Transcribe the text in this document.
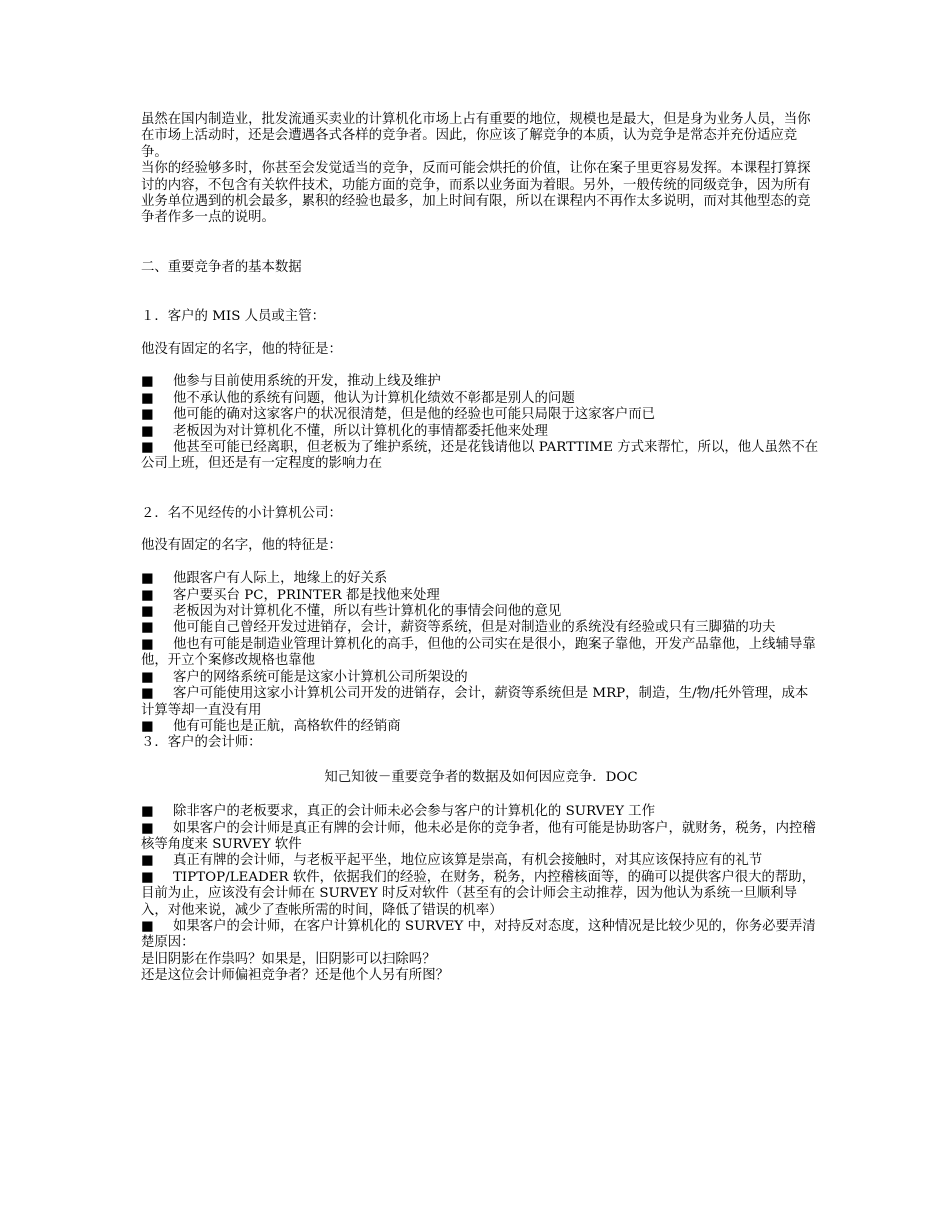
虽然在国内制造业，批发流通买卖业的计算机化市场上占有重要的地位，规模也是最大，但是身为业务人员，当你在市场上活动时，还是会遭遇各式各样的竞争者。因此，你应该了解竞争的本质，认为竞争是常态并充份适应竞争。

当你的经验够多时，你甚至会发觉适当的竞争，反而可能会烘托的价值，让你在案子里更容易发挥。本课程打算探讨的内容，不包含有关软件技术，功能方面的竞争，而系以业务面为着眼。另外，一般传统的同级竞争，因为所有业务单位遇到的机会最多，累积的经验也最多，加上时间有限，所以在课程内不再作太多说明，而对其他型态的竞争者作多一点的说明。

二、重要竞争者的基本数据

１．客户的 MIS 人员或主管：

他没有固定的名字，他的特征是：

■ 他参与目前使用系统的开发，推动上线及维护

■ 他不承认他的系统有问题，他认为计算机化绩效不彰都是别人的问题

■ 他可能的确对这家客户的状况很清楚，但是他的经验也可能只局限于这家客户而已

■ 老板因为对计算机化不懂，所以计算机化的事情都委托他来处理

■ 他甚至可能已经离职，但老板为了维护系统，还是花钱请他以 PARTTIME 方式来帮忙，所以，他人虽然不在公司上班，但还是有一定程度的影响力在

２．名不见经传的小计算机公司：

他没有固定的名字，他的特征是：

■ 他跟客户有人际上，地缘上的好关系

■ 客户要买台 PC，PRINTER 都是找他来处理

■ 老板因为对计算机化不懂，所以有些计算机化的事情会问他的意见

■ 他可能自己曾经开发过进销存，会计，薪资等系统，但是对制造业的系统没有经验或只有三脚猫的功夫

■ 他也有可能是制造业管理计算机化的高手，但他的公司实在是很小，跑案子靠他，开发产品靠他，上线辅导靠他，开立个案修改规格也靠他

■ 客户的网络系统可能是这家小计算机公司所架设的

■ 客户可能使用这家小计算机公司开发的进销存，会计，薪资等系统但是 MRP，制造，生/物/托外管理，成本计算等却一直没有用

■ 他有可能也是正航，高格软件的经销商

３．客户的会计师：

知己知彼－重要竞争者的数据及如何因应竞争．DOC

■ 除非客户的老板要求，真正的会计师未必会参与客户的计算机化的 SURVEY 工作

■ 如果客户的会计师是真正有牌的会计师，他未必是你的竞争者，他有可能是协助客户，就财务，税务，内控稽核等角度来 SURVEY 软件

■ 真正有牌的会计师，与老板平起平坐，地位应该算是崇高，有机会接触时，对其应该保持应有的礼节

■ TIPTOP/LEADER 软件，依据我们的经验，在财务，税务，内控稽核面等，的确可以提供客户很大的帮助，目前为止，应该没有会计师在 SURVEY 时反对软件（甚至有的会计师会主动推荐，因为他认为系统一旦顺利导入，对他来说，减少了查帐所需的时间，降低了错误的机率）

■ 如果客户的会计师，在客户计算机化的 SURVEY 中，对持反对态度，这种情况是比较少见的，你务必要弄清楚原因：

是旧阴影在作祟吗？如果是，旧阴影可以扫除吗？

还是这位会计师偏袒竞争者？还是他个人另有所图？
